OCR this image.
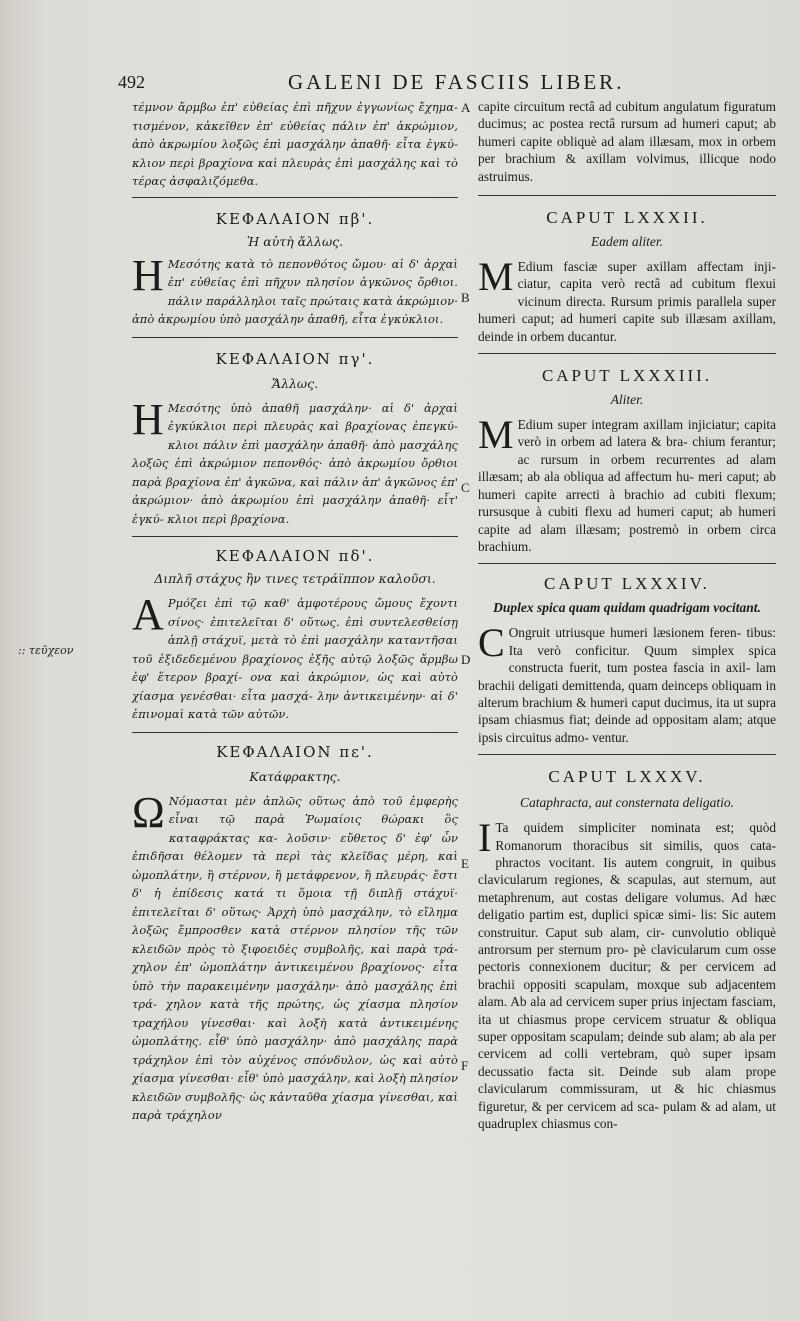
492	GALENI DE FASCIIS LIBER.
:: τεῦχεον
A
B
C
D
E
F

τέμνον ἄρμβω ἐπ' εὐθείας ἐπὶ πῆχυν ἐγγωνίως ἔχημα- τισμένον, κἀκεῖθεν ἐπ' εὐθείας πάλιν ἐπ' ἀκρώμιον, ἀπὸ ἀκρωμίου λοξῶς ἐπὶ μασχάλην ἀπαθῆ· εἶτα ἐγκύ- κλιον περὶ βραχίονα καὶ πλευρὰς ἐπὶ μασχάλης καὶ τὸ τέρας ἀσφαλιζόμεθα.

ΚΕΦΑΛΑΙΟΝ πβ'.

Ἡ αὐτὴ ἄλλως.

Η Μεσότης κατὰ τὸ πεπονθότος ὤμου· αἱ δ' ἀρχαὶ ἐπ' εὐθείας ἐπὶ πῆχυν πλησίον ἀγκῶνος ὄρθιοι. πάλιν παράλληλοι ταῖς πρώταις κατὰ ἀκρώμιον· ἀπὸ ἀκρωμίου ὑπὸ μασχάλην ἀπαθῆ, εἶτα ἐγκύκλιοι.

ΚΕΦΑΛΑΙΟΝ πγ'.

Ἄλλως.

Η Μεσότης ὑπὸ ἀπαθῆ μασχάλην· αἱ δ' ἀρχαὶ ἐγκύκλιοι περὶ πλευρὰς καὶ βραχίονας ἐπεγκύ- κλιοι πάλιν ἐπὶ μασχάλην ἀπαθῆ· ἀπὸ μασχάλης λοξῶς ἐπὶ ἀκρώμιον πεπονθός· ἀπὸ ἀκρωμίου ὄρθιοι παρὰ βραχίονα ἐπ' ἀγκῶνα, καὶ πάλιν ἀπ' ἀγκῶνος ἐπ' ἀκρώμιον· ἀπὸ ἀκρωμίου ἐπὶ μασχάλην ἀπαθῆ· εἶτ' ἐγκύ- κλιοι περὶ βραχίονα.

ΚΕΦΑΛΑΙΟΝ πδ'.

Διπλῆ στάχυς ἣν τινες τετράϊππον καλοῦσι.

Α Ρμόζει ἐπὶ τῷ καθ' ἀμφοτέρους ὤμους ἔχοντι σίνος· ἐπιτελεῖται δ' οὕτως. ἐπὶ συντελεσθείσῃ ἁπλῇ στάχυϊ, μετὰ τὸ ἐπὶ μασχάλην καταντῆσαι τοῦ ἐξιδεδεμένου βραχίονος ἑξῆς αὐτῷ λοξῶς ἄρμβω ἐφ' ἕτερον βραχί- ονα καὶ ἀκρώμιον, ὡς καὶ αὐτὸ χίασμα γενέσθαι· εἶτα μασχά- λην ἀντικειμένην· αἱ δ' ἐπινομαὶ κατὰ τῶν αὐτῶν.

ΚΕΦΑΛΑΙΟΝ πε'.

Κατάφρακτης.

Ω Νόμασται μὲν ἁπλῶς οὕτως ἀπὸ τοῦ ἐμφερὴς εἶναι τῷ παρὰ Ῥωμαίοις θώρακι ὃς καταφράκτας κα- λοῦσιν· εὔθετος δ' ἐφ' ὧν ἐπιδῆσαι θέλομεν τὰ περὶ τὰς κλεῖδας μέρη, καὶ ὠμοπλάτην, ἢ στέρνον, ἢ μετάφρενον, ἢ πλευράς· ἔστι δ' ἡ ἐπίδεσις κατά τι ὅμοια τῇ διπλῇ στάχυϊ· ἐπιτελεῖται δ' οὕτως· Ἀρχὴ ὑπὸ μασχάλην, τὸ εἴλημα λοξῶς ἔμπροσθεν κατὰ στέρνον πλησίον τῆς τῶν κλειδῶν πρὸς τὸ ξιφοειδὲς συμβολῆς, καὶ παρὰ τρά- χηλον ἐπ' ὠμοπλάτην ἀντικειμένου βραχίονος· εἶτα ὑπὸ τὴν παρακειμένην μασχάλην· ἀπὸ μασχάλης ἐπὶ τρά- χηλον κατὰ τῆς πρώτης, ὡς χίασμα πλησίον τραχήλου γίνεσθαι· καὶ λοξὴ κατὰ ἀντικειμένης ὠμοπλάτης. εἶθ' ὑπὸ μασχάλην· ἀπὸ μασχάλης παρὰ τράχηλον ἐπὶ τὸν αὐχένος σπόνδυλον, ὡς καὶ αὐτὸ χίασμα γίνεσθαι· εἶθ' ὑπὸ μασχάλην, καὶ λοξὴ πλησίον κλειδῶν συμβολῆς· ὡς κἀνταῦθα χίασμα γίνεσθαι, καὶ παρὰ τράχηλον

capite circuitum rectâ ad cubitum angulatum figuratum ducimus; ac postea rectâ rursum ad humeri caput; ab humeri capite obliquè ad alam illæsam, mox in orbem per brachium & axillam volvimus, illicque nodo astruimus.

CAPUT LXXXII.

Eadem aliter.

M Edium fasciæ super axillam affectam inji- ciatur, capita verò rectâ ad cubitum flexui vicinum directa. Rursum primis parallela super humeri caput; ad humeri capite sub illæsam axillam, deinde in orbem ducantur.

CAPUT LXXXIII.

Aliter.

M Edium super integram axillam injiciatur; capita verò in orbem ad latera & bra- chium ferantur; ac rursum in orbem recurrentes ad alam illæsam; ab ala obliqua ad affectum hu- meri caput; ab humeri capite arrecti à brachio ad cubiti flexum; rursusque à cubiti flexu ad humeri caput; ab humeri capite ad alam illæsam; postremò in orbem circa brachium.

CAPUT LXXXIV.

Duplex spica quam quidam quadrigam vocitant.

C Ongruit utriusque humeri læsionem feren- tibus: Ita verò conficitur. Quum simplex spica constructa fuerit, tum postea fascia in axil- lam brachii deligati demittenda, quam deinceps obliquam in alterum brachium & humeri caput ducimus, ita ut supra ipsam chiasmus fiat; deinde ad oppositam alam; atque ipsis circuitus admo- ventur.

CAPUT LXXXV.

Cataphracta, aut consternata deligatio.

I Ta quidem simpliciter nominata est; quòd Romanorum thoracibus sit similis, quos cata- phractos vocitant. Iis autem congruit, in quibus clavicularum regiones, & scapulas, aut sternum, aut metaphrenum, aut costas deligare volumus. Ad hæc deligatio partim est, duplici spicæ simi- lis: Sic autem construitur. Caput sub alam, cir- cunvolutio obliquè antrorsum per sternum pro- pè clavicularum cum osse pectoris connexionem ducitur; & per cervicem ad brachii oppositi scapulam, moxque sub adjacentem alam. Ab ala ad cervicem super prius injectam fasciam, ita ut chiasmus prope cervicem struatur & obliqua super oppositam scapulam; deinde sub alam; ab ala per cervicem ad colli vertebram, quò super ipsam decussatio facta sit. Deinde sub alam prope clavicularum commissuram, ut & hic chiasmus figuretur, & per cervicem ad sca- pulam & ad alam, ut quadruplex chiasmus con-
